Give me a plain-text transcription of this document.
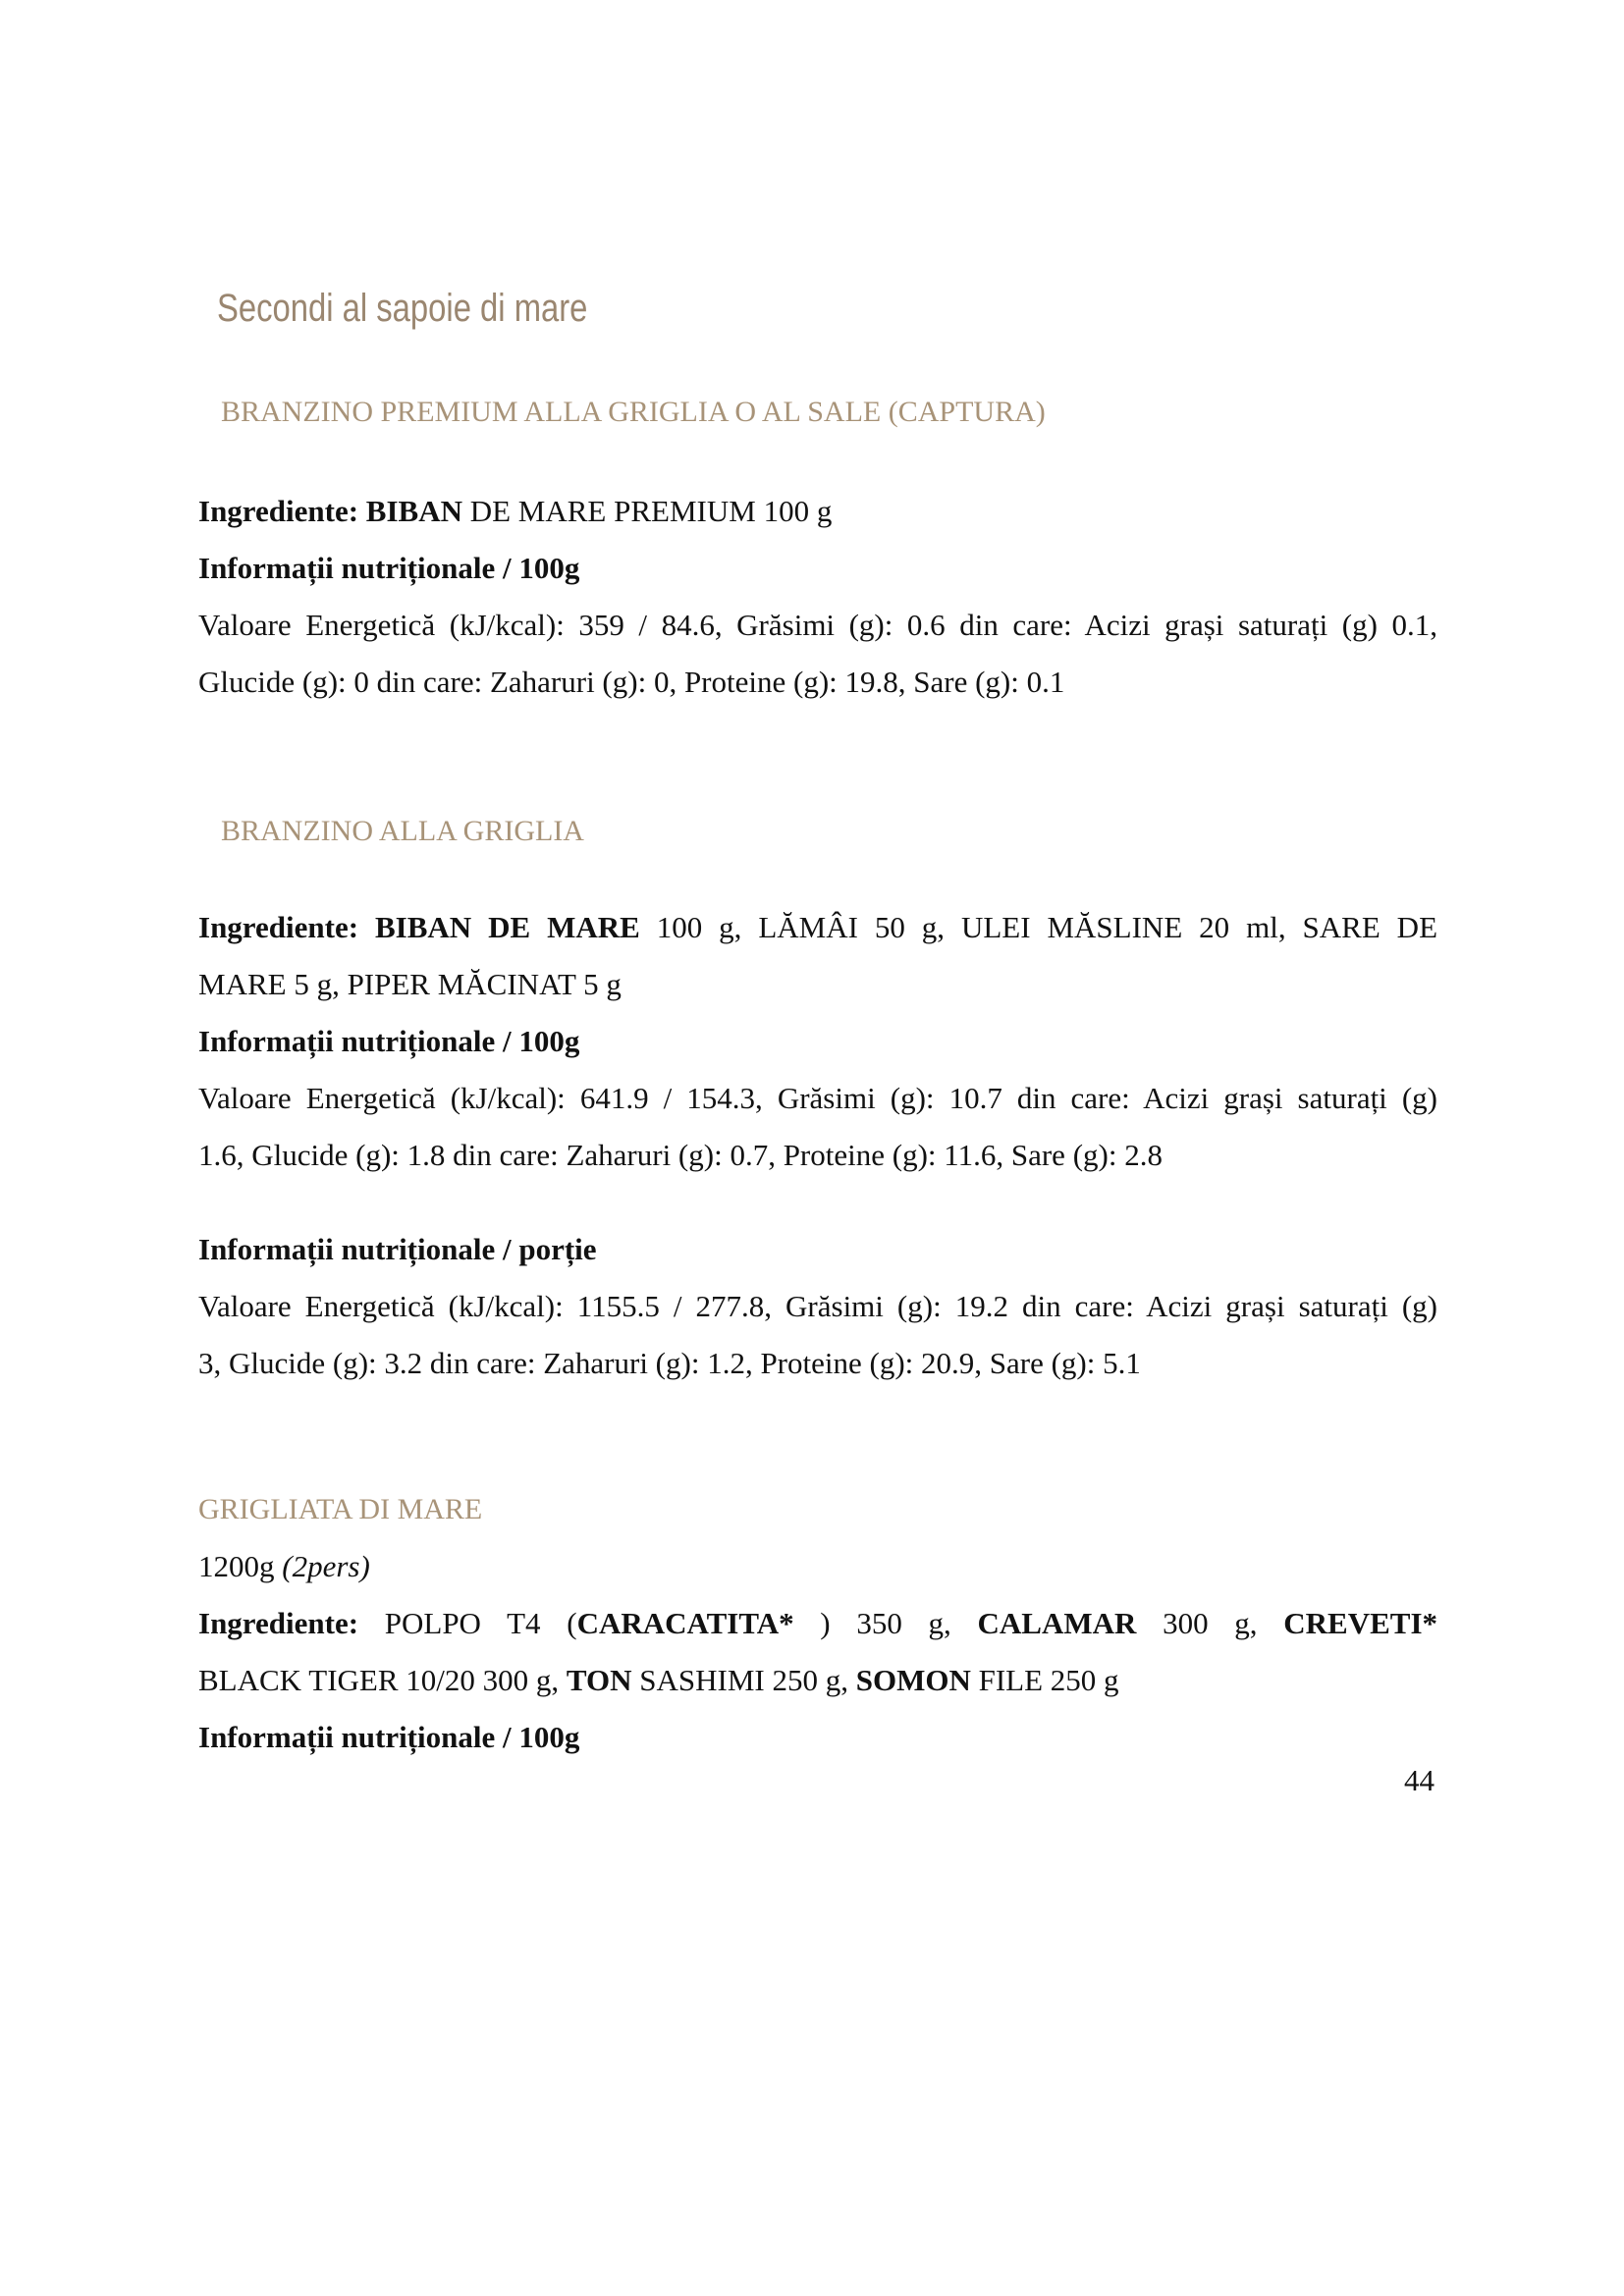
Secondi al sapoie di mare
BRANZINO PREMIUM ALLA GRIGLIA O AL SALE (CAPTURA)

Ingrediente: BIBAN DE MARE PREMIUM 100 g

Informații nutriționale / 100g

Valoare Energetică (kJ/kcal): 359 / 84.6, Grăsimi (g): 0.6 din care: Acizi grași saturați (g) 0.1,

Glucide (g): 0 din care: Zaharuri (g): 0, Proteine (g): 19.8, Sare (g): 0.1

BRANZINO ALLA GRIGLIA

Ingrediente: BIBAN DE MARE 100 g, LĂMÂI 50 g, ULEI MĂSLINE 20 ml, SARE DE

MARE 5 g, PIPER MĂCINAT 5 g

Informații nutriționale / 100g

Valoare Energetică (kJ/kcal): 641.9 / 154.3, Grăsimi (g): 10.7 din care: Acizi grași saturați (g)

1.6, Glucide (g): 1.8 din care: Zaharuri (g): 0.7, Proteine (g): 11.6, Sare (g): 2.8

Informații nutriționale / porție

Valoare Energetică (kJ/kcal): 1155.5 / 277.8, Grăsimi (g): 19.2 din care: Acizi grași saturați (g)

3, Glucide (g): 3.2 din care: Zaharuri (g): 1.2, Proteine (g): 20.9, Sare (g): 5.1

GRIGLIATA DI MARE

1200g (2pers)

Ingrediente: POLPO T4 (CARACATITA* ) 350 g, CALAMAR 300 g, CREVETI*

BLACK TIGER 10/20 300 g, TON SASHIMI 250 g, SOMON FILE 250 g

Informații nutriționale / 100g

44
